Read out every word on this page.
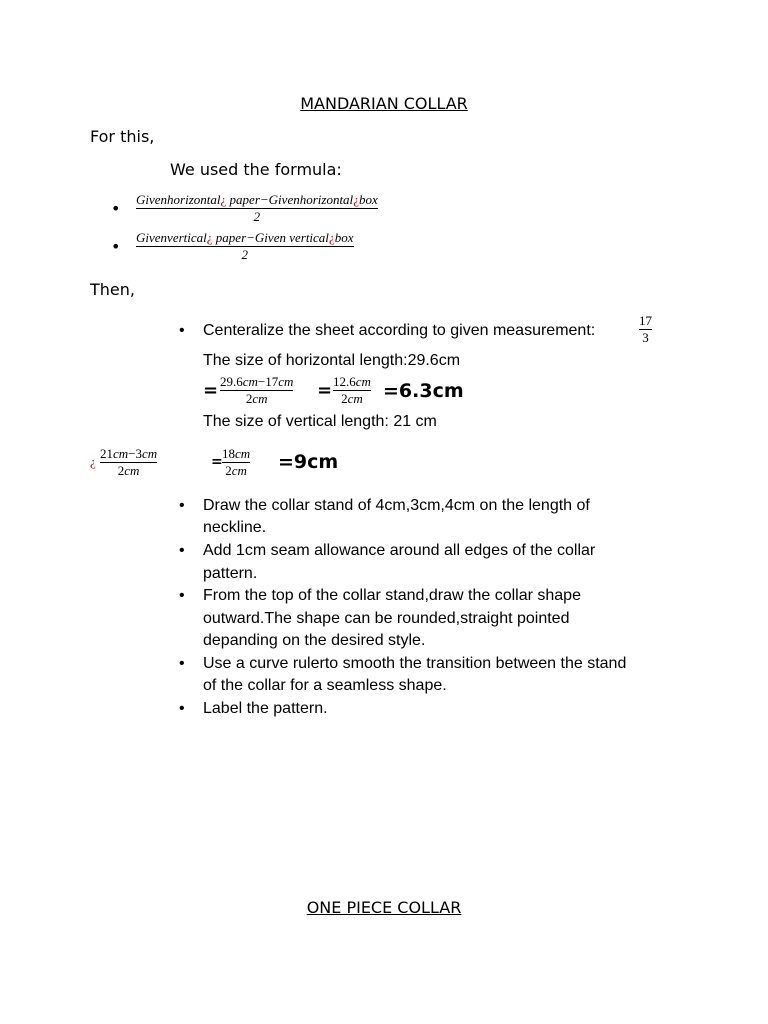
MANDARIAN COLLAR
For this,
We used the formula:
• Givenhorizontal¿ paper−Givenhorizontal¿box
2
• Givenvertical¿ paper−Given vertical¿box
2
Then,
• Centeralize the sheet according to given measurement:
17
3
The size of horizontal length:29.6cm
= 29.6cm−17cm
2cm	= 12.6cm
2cm =6.3cm
The size of vertical length: 21 cm
¿
21cm−3cm
2cm
=
18cm
2cm =9cm
• Draw the collar stand of 4cm,3cm,4cm on the length of
neckline.
• Add 1cm seam allowance around all edges of the collar
pattern.
• From the top of the collar stand,draw the collar shape
outward.The shape can be rounded,straight pointed
depanding on the desired style.
• Use a curve rulerto smooth the transition between the stand
of the collar for a seamless shape.
• Label the pattern.
ONE PIECE COLLAR
